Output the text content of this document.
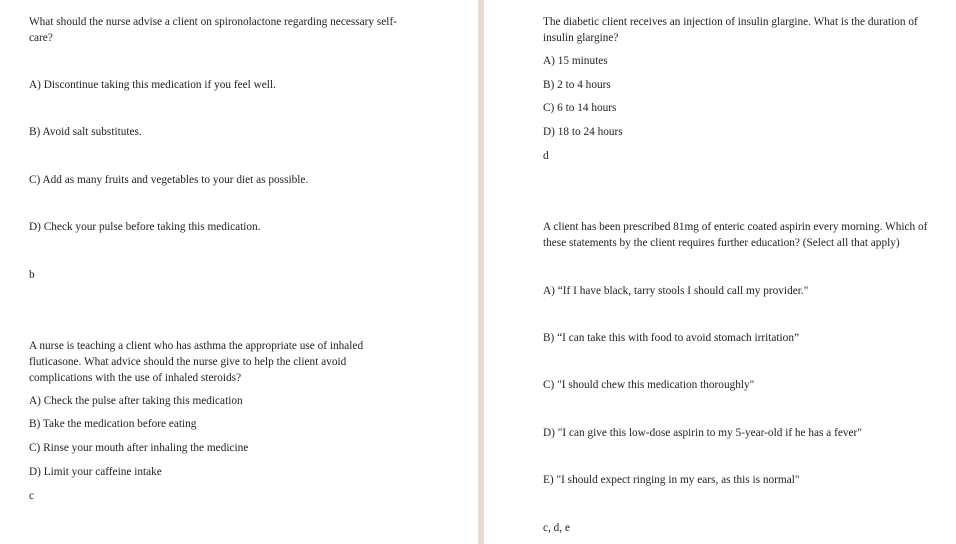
What should the nurse advise a client on spironolactone regarding necessary self-care?

A) Discontinue taking this medication if you feel well.

B) Avoid salt substitutes.

C) Add as many fruits and vegetables to your diet as possible.

D) Check your pulse before taking this medication.

b

A nurse is teaching a client who has asthma the appropriate use of inhaled fluticasone. What advice should the nurse give to help the client avoid complications with the use of inhaled steroids?

A) Check the pulse after taking this medication

B) Take the medication before eating

C) Rinse your mouth after inhaling the medicine

D) Limit your caffeine intake

c

The diabetic client receives an injection of insulin glargine. What is the duration of insulin glargine?

A) 15 minutes

B) 2 to 4 hours

C) 6 to 14 hours

D) 18 to 24 hours

d

A client has been prescribed 81mg of enteric coated aspirin every morning. Which of these statements by the client requires further education? (Select all that apply)

A) “If I have black, tarry stools I should call my provider."

B) “I can take this with food to avoid stomach irritation”

C) "I should chew this medication thoroughly"

D) "I can give this low-dose aspirin to my 5-year-old if he has a fever"

E) "I should expect ringing in my ears, as this is normal"

c, d, e
